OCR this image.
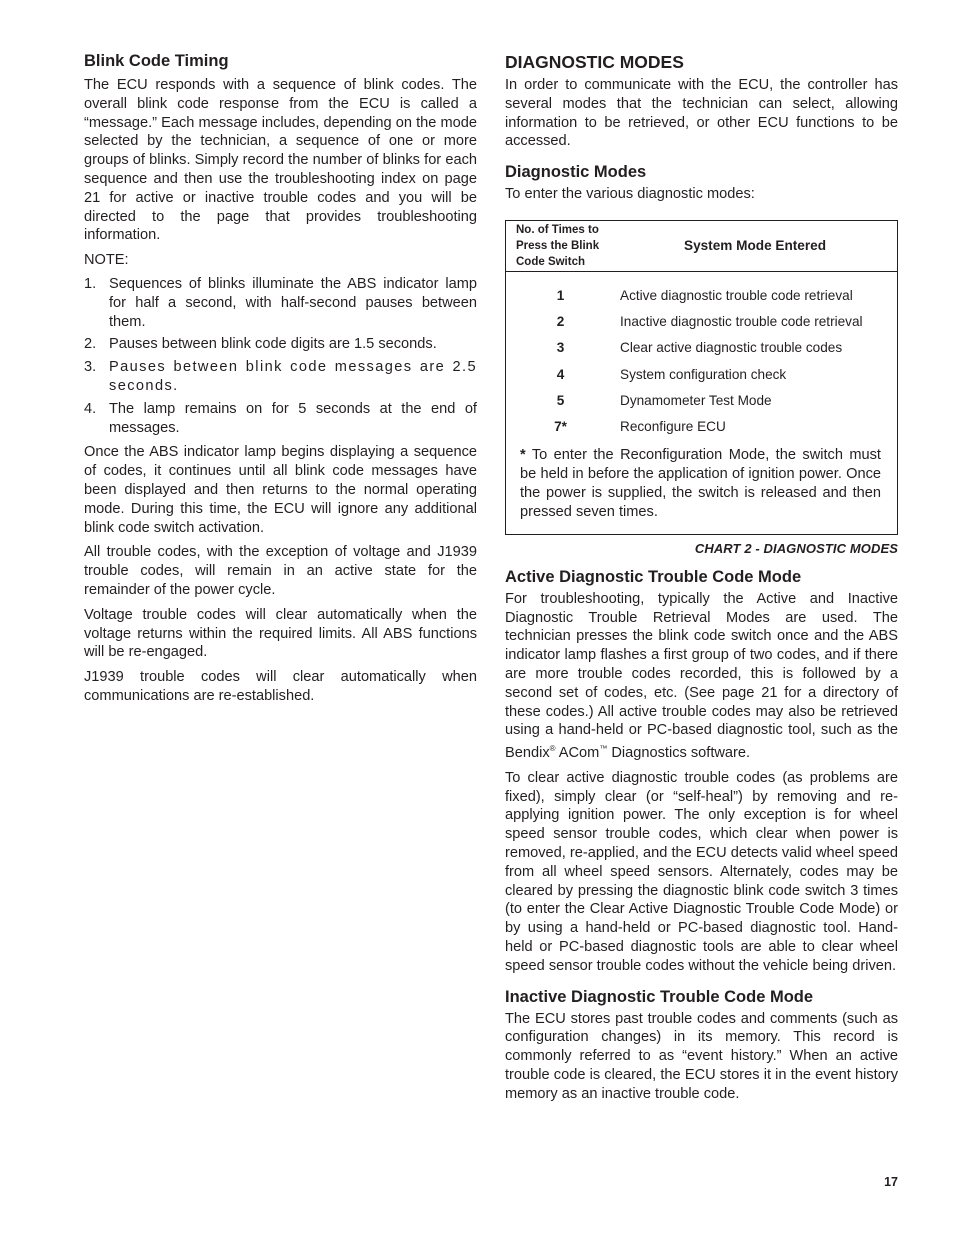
Blink Code Timing

The ECU responds with a sequence of blink codes. The overall blink code response from the ECU is called a “message.” Each message includes, depending on the mode selected by the technician, a sequence of one or more groups of blinks. Simply record the number of blinks for each sequence and then use the troubleshooting index on page 21 for active or inactive trouble codes and you will be directed to the page that provides troubleshooting information.

NOTE:

1. Sequences of blinks illuminate the ABS indicator lamp for half a second, with half-second pauses between them.
2. Pauses between blink code digits are 1.5 seconds.
3. Pauses between blink code messages are 2.5 seconds.
4. The lamp remains on for 5 seconds at the end of messages.

Once the ABS indicator lamp begins displaying a sequence of codes, it continues until all blink code messages have been displayed and then returns to the normal operating mode. During this time, the ECU will ignore any additional blink code switch activation.

All trouble codes, with the exception of voltage and J1939 trouble codes, will remain in an active state for the remainder of the power cycle.

Voltage trouble codes will clear automatically when the voltage returns within the required limits. All ABS functions will be re-engaged.

J1939 trouble codes will clear automatically when communications are re-established.

DIAGNOSTIC MODES

In order to communicate with the ECU, the controller has several modes that the technician can select, allowing information to be retrieved, or other ECU functions to be accessed.

Diagnostic Modes

To enter the various diagnostic modes:

No. of Times to
Press the Blink
Code Switch
System Mode Entered
1	Active diagnostic trouble code retrieval
2	Inactive diagnostic trouble code retrieval
3	Clear active diagnostic trouble codes
4	System configuration check
5	Dynamometer Test Mode
7*	Reconfigure ECU
* To enter the Reconfiguration Mode, the switch must be held in before the application of ignition power. Once the power is supplied, the switch is released and then pressed seven times.
CHART 2 - DIAGNOSTIC MODES
Active Diagnostic Trouble Code Mode

For troubleshooting, typically the Active and Inactive Diagnostic Trouble Retrieval Modes are used. The technician presses the blink code switch once and the ABS indicator lamp flashes a first group of two codes, and if there are more trouble codes recorded, this is followed by a second set of codes, etc. (See page 21 for a directory of these codes.) All active trouble codes may also be retrieved using a hand-held or PC-based diagnostic tool, such as the Bendix® ACom™ Diagnostics software.

To clear active diagnostic trouble codes (as problems are fixed), simply clear (or “self-heal”) by removing and re-applying ignition power. The only exception is for wheel speed sensor trouble codes, which clear when power is removed, re-applied, and the ECU detects valid wheel speed from all wheel speed sensors. Alternately, codes may be cleared by pressing the diagnostic blink code switch 3 times (to enter the Clear Active Diagnostic Trouble Code Mode) or by using a hand-held or PC-based diagnostic tool. Hand-held or PC-based diagnostic tools are able to clear wheel speed sensor trouble codes without the vehicle being driven.

Inactive Diagnostic Trouble Code Mode

The ECU stores past trouble codes and comments (such as configuration changes) in its memory. This record is commonly referred to as “event history.” When an active trouble code is cleared, the ECU stores it in the event history memory as an inactive trouble code.

17
